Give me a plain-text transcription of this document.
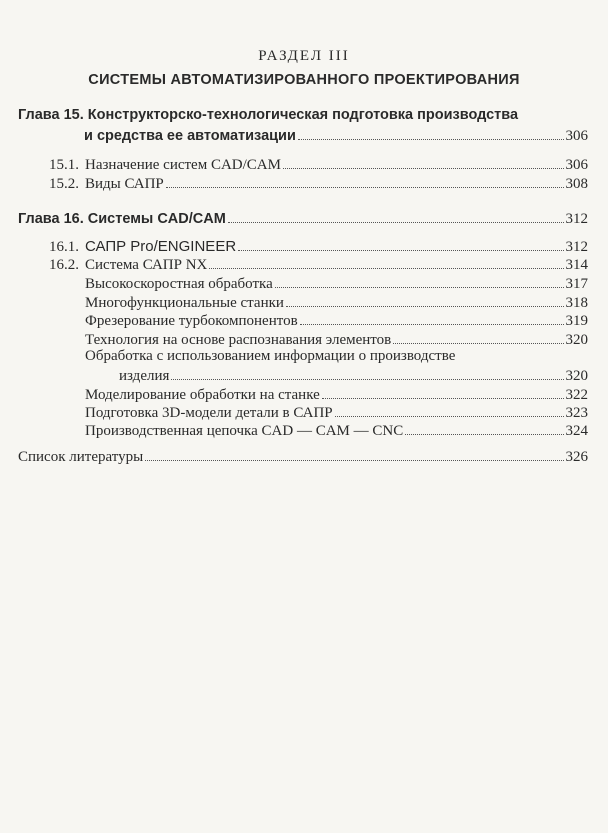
РАЗДЕЛ III
СИСТЕМЫ АВТОМАТИЗИРОВАННОГО ПРОЕКТИРОВАНИЯ
Глава 15. Конструкторско-технологическая подготовка производства
и средства ее автоматизации	306
15.1. Назначение систем CAD/CAM	306
15.2. Виды САПР	308
Глава 16. Системы CAD/CAM	312
16.1. САПР Pro/ENGINEER	312
16.2. Система САПР NX	314
Высокоскоростная обработка	317
Многофункциональные станки	318
Фрезерование турбокомпонентов	319
Технология на основе распознавания элементов	320
Обработка с использованием информации о производстве
изделия	320
Моделирование обработки на станке	322
Подготовка 3D-модели детали в САПР	323
Производственная цепочка CAD — CAM — CNC	324
Список литературы	326
